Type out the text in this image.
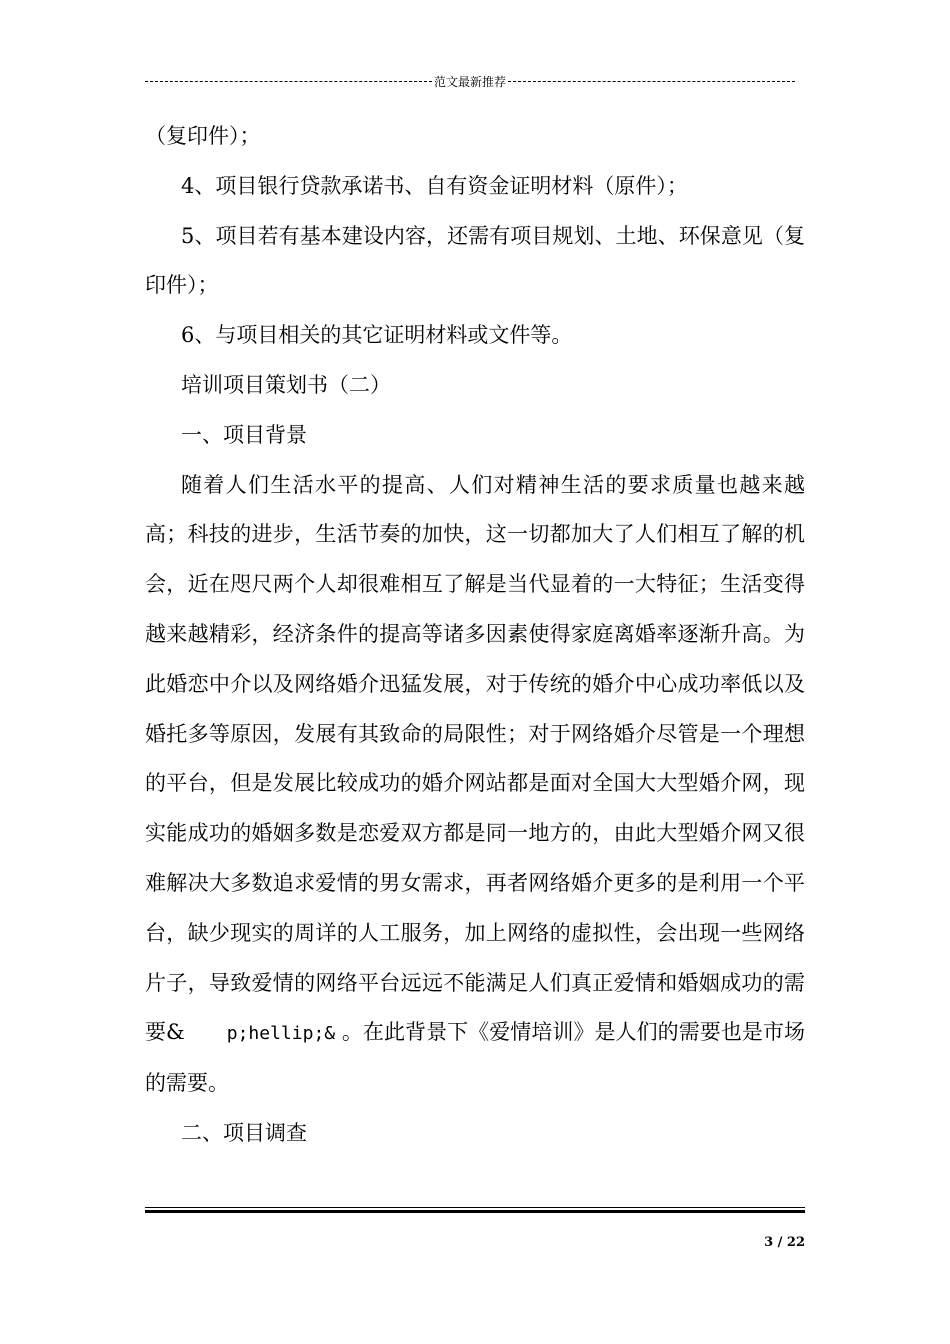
范文最新推荐

（复印件）；

4、项目银行贷款承诺书、自有资金证明材料（原件）；

5、项目若有基本建设内容，还需有项目规划、土地、环保意见（复印件）；

6、与项目相关的其它证明材料或文件等。

培训项目策划书（二）

一、项目背景

随着人们生活水平的提高、人们对精神生活的要求质量也越来越高；科技的进步，生活节奏的加快，这一切都加大了人们相互了解的机会，近在咫尺两个人却很难相互了解是当代显着的一大特征；生活变得越来越精彩，经济条件的提高等诸多因素使得家庭离婚率逐渐升高。为此婚恋中介以及网络婚介迅猛发展，对于传统的婚介中心成功率低以及婚托多等原因，发展有其致命的局限性；对于网络婚介尽管是一个理想的平台，但是发展比较成功的婚介网站都是面对全国大大型婚介网，现实能成功的婚姻多数是恋爱双方都是同一地方的，由此大型婚介网又很难解决大多数追求爱情的男女需求，再者网络婚介更多的是利用一个平台，缺少现实的周详的人工服务，加上网络的虚拟性，会出现一些网络片子，导致爱情的网络平台远远不能满足人们真正爱情和婚姻成功的需要&   p;hellip;& 。在此背景下《爱情培训》是人们的需要也是市场的需要。

二、项目调查

3 / 22
